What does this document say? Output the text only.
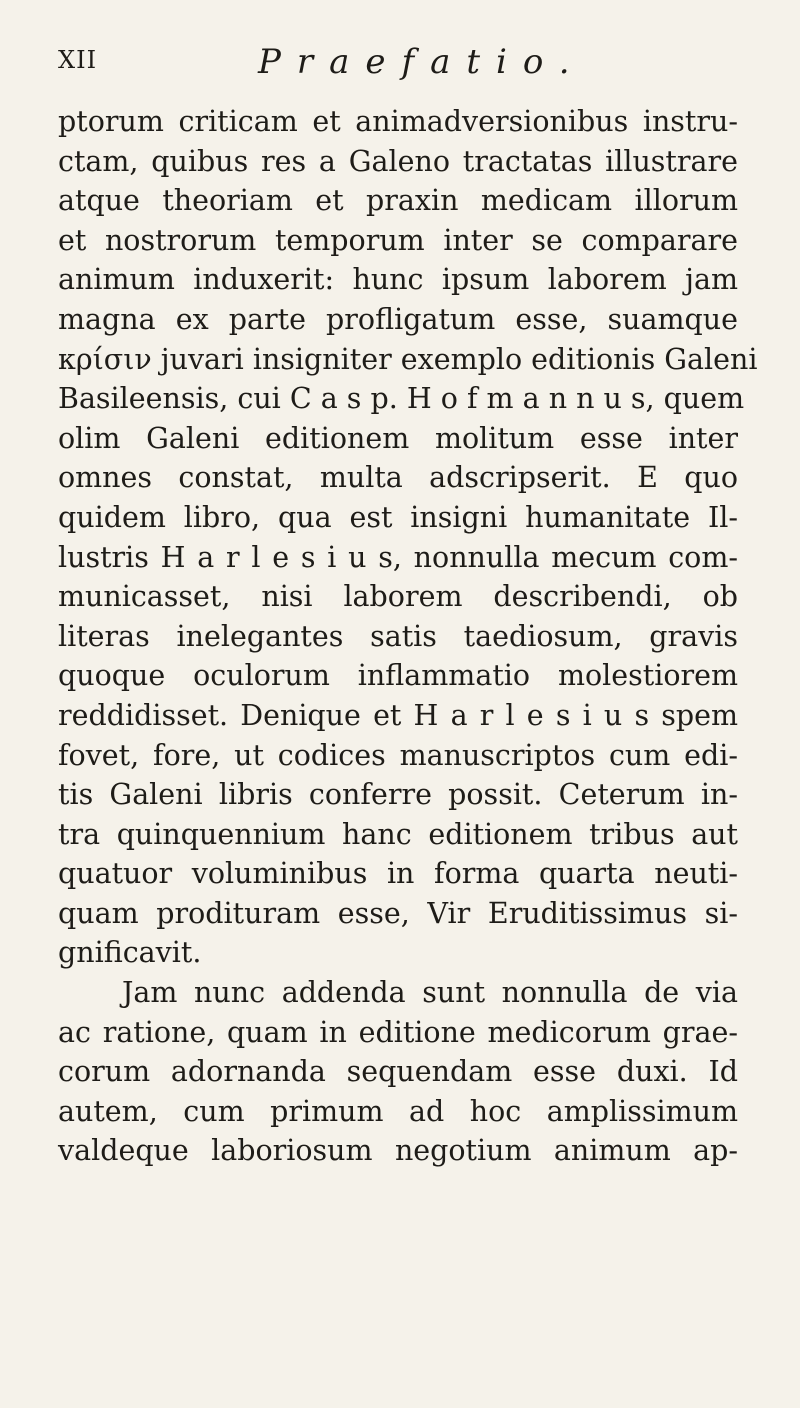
XII	Praefatio.
ptorum criticam et animadversionibus instru-
ctam, quibus res a Galeno tractatas illustrare
atque theoriam et praxin medicam illorum
et nostrorum temporum inter se comparare
animum induxerit: hunc ipsum laborem jam
magna ex parte profligatum esse, suamque
κρίσιν juvari insigniter exemplo editionis Galeni
Basileensis, cui C a s p. H o f m a n n u s, quem
olim Galeni editionem molitum esse inter
omnes constat, multa adscripserit. E quo
quidem libro, qua est insigni humanitate Il-
lustris H a r l e s i u s, nonnulla mecum com-
municasset, nisi laborem describendi, ob
literas inelegantes satis taediosum, gravis
quoque oculorum inflammatio molestiorem
reddidisset. Denique et H a r l e s i u s spem
fovet, fore, ut codices manuscriptos cum edi-
tis Galeni libris conferre possit. Ceterum in-
tra quinquennium hanc editionem tribus aut
quatuor voluminibus in forma quarta neuti-
quam prodituram esse, Vir Eruditissimus si-
gnificavit.
Jam nunc addenda sunt nonnulla de via
ac ratione, quam in editione medicorum grae-
corum adornanda sequendam esse duxi. Id
autem, cum primum ad hoc amplissimum
valdeque laboriosum negotium animum ap-
